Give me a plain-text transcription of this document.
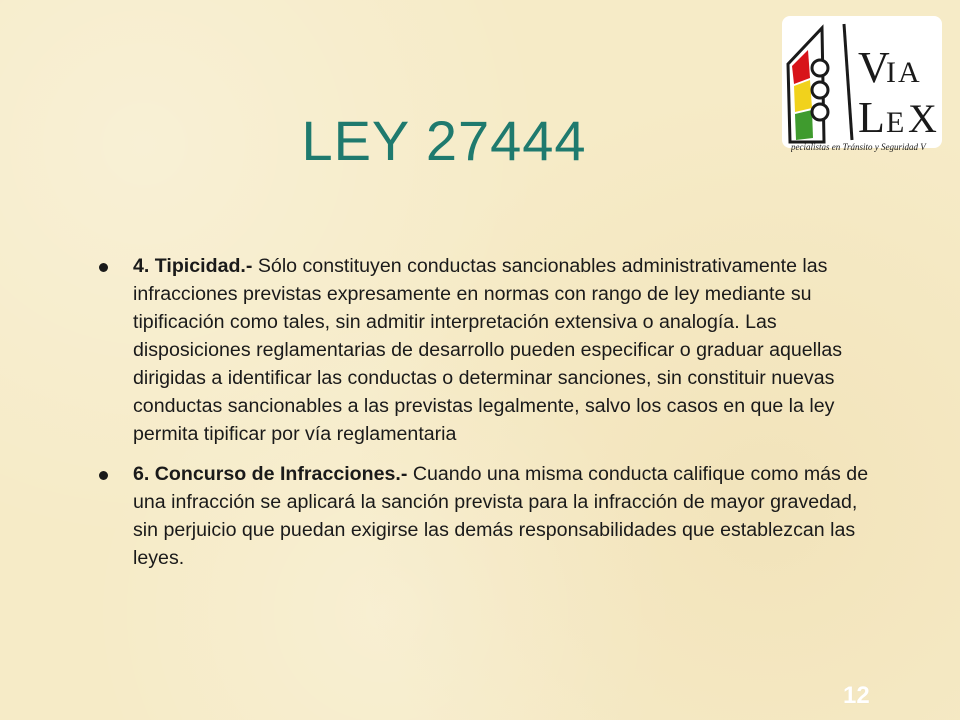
V
IA
L E X
pecialistas en Tránsito y Seguridad V
LEY 27444
4. Tipicidad.- Sólo constituyen conductas sancionables administrativamente las infracciones previstas expresamente en normas con rango de ley mediante su tipificación como tales, sin admitir interpretación extensiva o analogía. Las disposiciones reglamentarias de desarrollo pueden especificar o graduar aquellas dirigidas a identificar las conductas o determinar sanciones, sin constituir nuevas conductas sancionables a las previstas legalmente, salvo los casos en que la ley permita tipificar por vía reglamentaria
6. Concurso de Infracciones.- Cuando una misma conducta califique como más de una infracción se aplicará la sanción prevista para la infracción de mayor gravedad, sin perjuicio que puedan exigirse las demás responsabilidades que establezcan las leyes.
12
